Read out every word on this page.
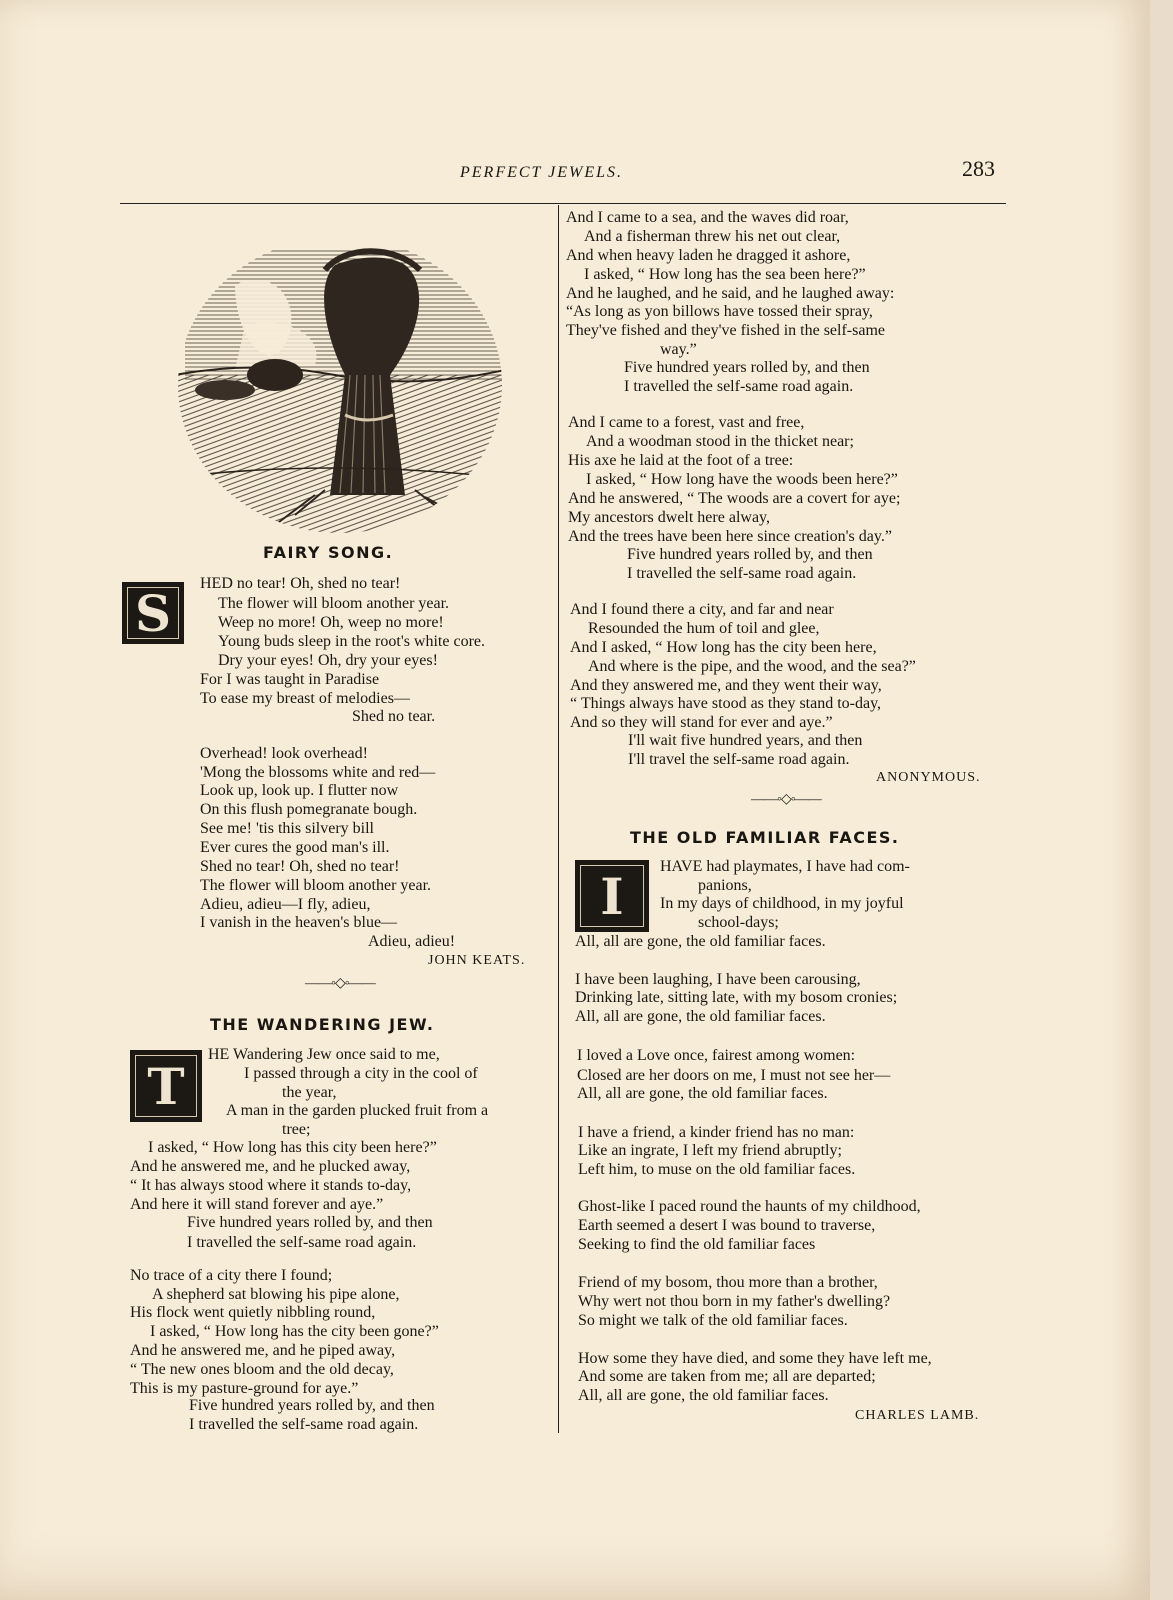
PERFECT JEWELS.	283
FAIRY SONG.
S	HED no tear! Oh, shed no tear!
The flower will bloom another year.
Weep no more! Oh, weep no more!
Young buds sleep in the root's white core.
Dry your eyes! Oh, dry your eyes!
For I was taught in Paradise
To ease my breast of melodies—
Shed no tear.
Overhead! look overhead!
'Mong the blossoms white and red—
Look up, look up. I flutter now
On this flush pomegranate bough.
See me! 'tis this silvery bill
Ever cures the good man's ill.
Shed no tear! Oh, shed no tear!
The flower will bloom another year.
Adieu, adieu—I fly, adieu,
I vanish in the heaven's blue—
Adieu, adieu!
JOHN KEATS.
——◦◇◦——
THE WANDERING JEW.
T
HE Wandering Jew once said to me,
I passed through a city in the cool of
the year,
A man in the garden plucked fruit from a
tree;
I asked, “ How long has this city been here?”
And he answered me, and he plucked away,
“ It has always stood where it stands to-day,
And here it will stand forever and aye.”
Five hundred years rolled by, and then
I travelled the self-same road again.
No trace of a city there I found;
A shepherd sat blowing his pipe alone,
His flock went quietly nibbling round,
I asked, “ How long has the city been gone?”
And he answered me, and he piped away,
“ The new ones bloom and the old decay,
This is my pasture-ground for aye.”
Five hundred years rolled by, and then
I travelled the self-same road again.
And I came to a sea, and the waves did roar,
And a fisherman threw his net out clear,
And when heavy laden he dragged it ashore,
I asked, “ How long has the sea been here?”
And he laughed, and he said, and he laughed away:
“As long as yon billows have tossed their spray,
They've fished and they've fished in the self-same
way.”
Five hundred years rolled by, and then
I travelled the self-same road again.
And I came to a forest, vast and free,
And a woodman stood in the thicket near;
His axe he laid at the foot of a tree:
I asked, “ How long have the woods been here?”
And he answered, “ The woods are a covert for aye;
My ancestors dwelt here alway,
And the trees have been here since creation's day.”
Five hundred years rolled by, and then
I travelled the self-same road again.
And I found there a city, and far and near
Resounded the hum of toil and glee,
And I asked, “ How long has the city been here,
And where is the pipe, and the wood, and the sea?”
And they answered me, and they went their way,
“ Things always have stood as they stand to-day,
And so they will stand for ever and aye.”
I'll wait five hundred years, and then
I'll travel the self-same road again.
ANONYMOUS.
——◦◇◦——
THE OLD FAMILIAR FACES.
I	HAVE had playmates, I have had com-
panions,
In my days of childhood, in my joyful
school-days;
All, all are gone, the old familiar faces.
I have been laughing, I have been carousing,
Drinking late, sitting late, with my bosom cronies;
All, all are gone, the old familiar faces.
I loved a Love once, fairest among women:
Closed are her doors on me, I must not see her—
All, all are gone, the old familiar faces.
I have a friend, a kinder friend has no man:
Like an ingrate, I left my friend abruptly;
Left him, to muse on the old familiar faces.
Ghost-like I paced round the haunts of my childhood,
Earth seemed a desert I was bound to traverse,
Seeking to find the old familiar faces
Friend of my bosom, thou more than a brother,
Why wert not thou born in my father's dwelling?
So might we talk of the old familiar faces.
How some they have died, and some they have left me,
And some are taken from me; all are departed;
All, all are gone, the old familiar faces.
CHARLES LAMB.
